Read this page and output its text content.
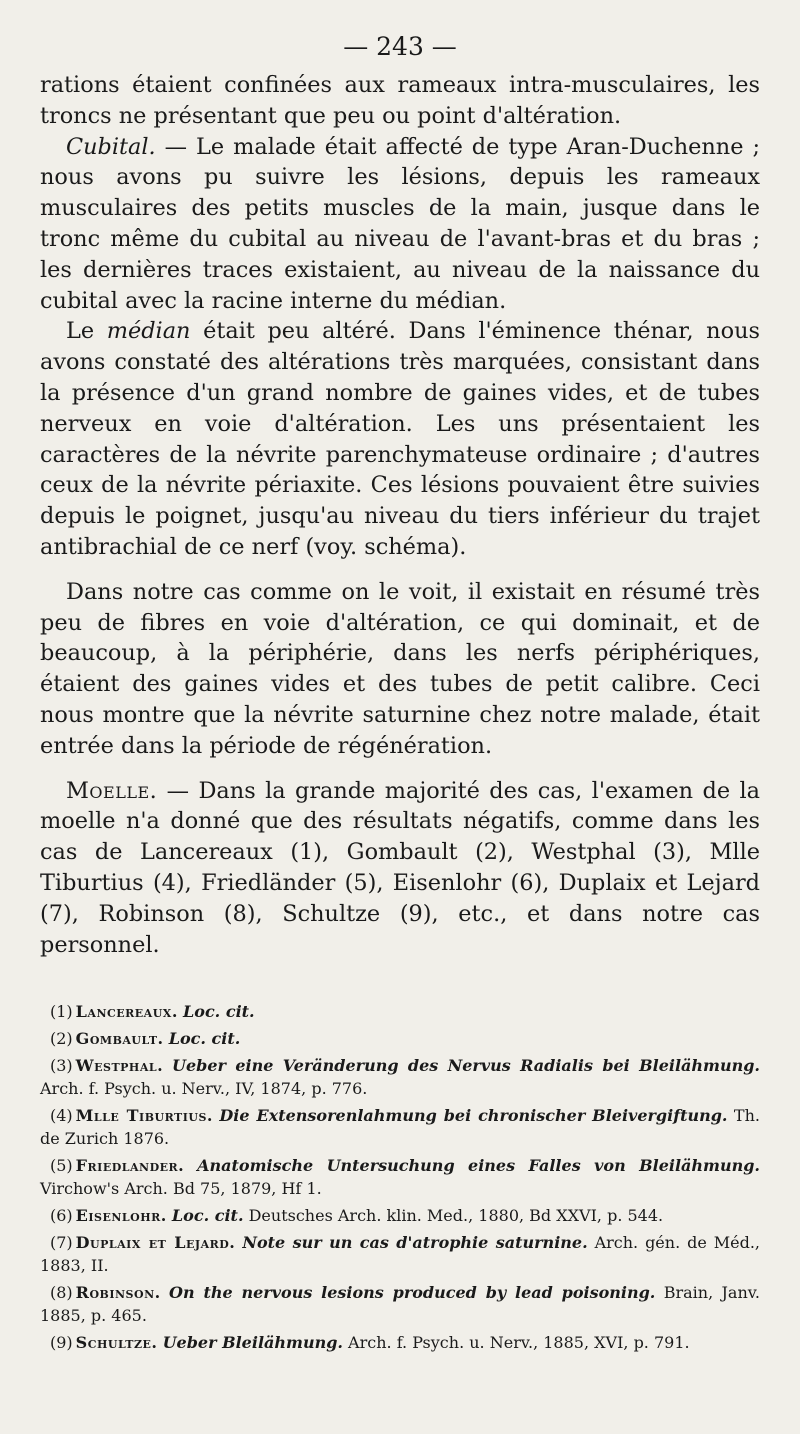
— 243 —

rations étaient confinées aux rameaux intra-musculaires, les troncs ne présentant que peu ou point d'altération.

Cubital. — Le malade était affecté de type Aran-Duchenne ; nous avons pu suivre les lésions, depuis les rameaux musculaires des petits muscles de la main, jusque dans le tronc même du cubital au niveau de l'avant-bras et du bras ; les dernières traces existaient, au niveau de la naissance du cubital avec la racine interne du médian.

Le médian était peu altéré. Dans l'éminence thénar, nous avons constaté des altérations très marquées, consistant dans la présence d'un grand nombre de gaines vides, et de tubes nerveux en voie d'altération. Les uns présentaient les caractères de la névrite parenchymateuse ordinaire ; d'autres ceux de la névrite périaxite. Ces lésions pouvaient être suivies depuis le poignet, jusqu'au niveau du tiers inférieur du trajet antibrachial de ce nerf (voy. schéma).

Dans notre cas comme on le voit, il existait en résumé très peu de fibres en voie d'altération, ce qui dominait, et de beaucoup, à la périphérie, dans les nerfs périphériques, étaient des gaines vides et des tubes de petit calibre. Ceci nous montre que la névrite saturnine chez notre malade, était entrée dans la période de régénération.

Moelle. — Dans la grande majorité des cas, l'examen de la moelle n'a donné que des résultats négatifs, comme dans les cas de Lancereaux (1), Gombault (2), Westphal (3), Mlle Tiburtius (4), Friedländer (5), Eisenlohr (6), Duplaix et Lejard (7), Robinson (8), Schultze (9), etc., et dans notre cas personnel.

(1) Lancereaux. Loc. cit.

(2) Gombault. Loc. cit.

(3) Westphal. Ueber eine Veränderung des Nervus Radialis bei Bleilähmung. Arch. f. Psych. u. Nerv., IV, 1874, p. 776.

(4) Mlle Tiburtius. Die Extensorenlahmung bei chronischer Bleivergiftung. Th. de Zurich 1876.

(5) Friedlander. Anatomische Untersuchung eines Falles von Bleilähmung. Virchow's Arch. Bd 75, 1879, Hf 1.

(6) Eisenlohr. Loc. cit. Deutsches Arch. klin. Med., 1880, Bd XXVI, p. 544.

(7) Duplaix et Lejard. Note sur un cas d'atrophie saturnine. Arch. gén. de Méd., 1883, II.

(8) Robinson. On the nervous lesions produced by lead poisoning. Brain, Janv. 1885, p. 465.

(9) Schultze. Ueber Bleilähmung. Arch. f. Psych. u. Nerv., 1885, XVI, p. 791.
